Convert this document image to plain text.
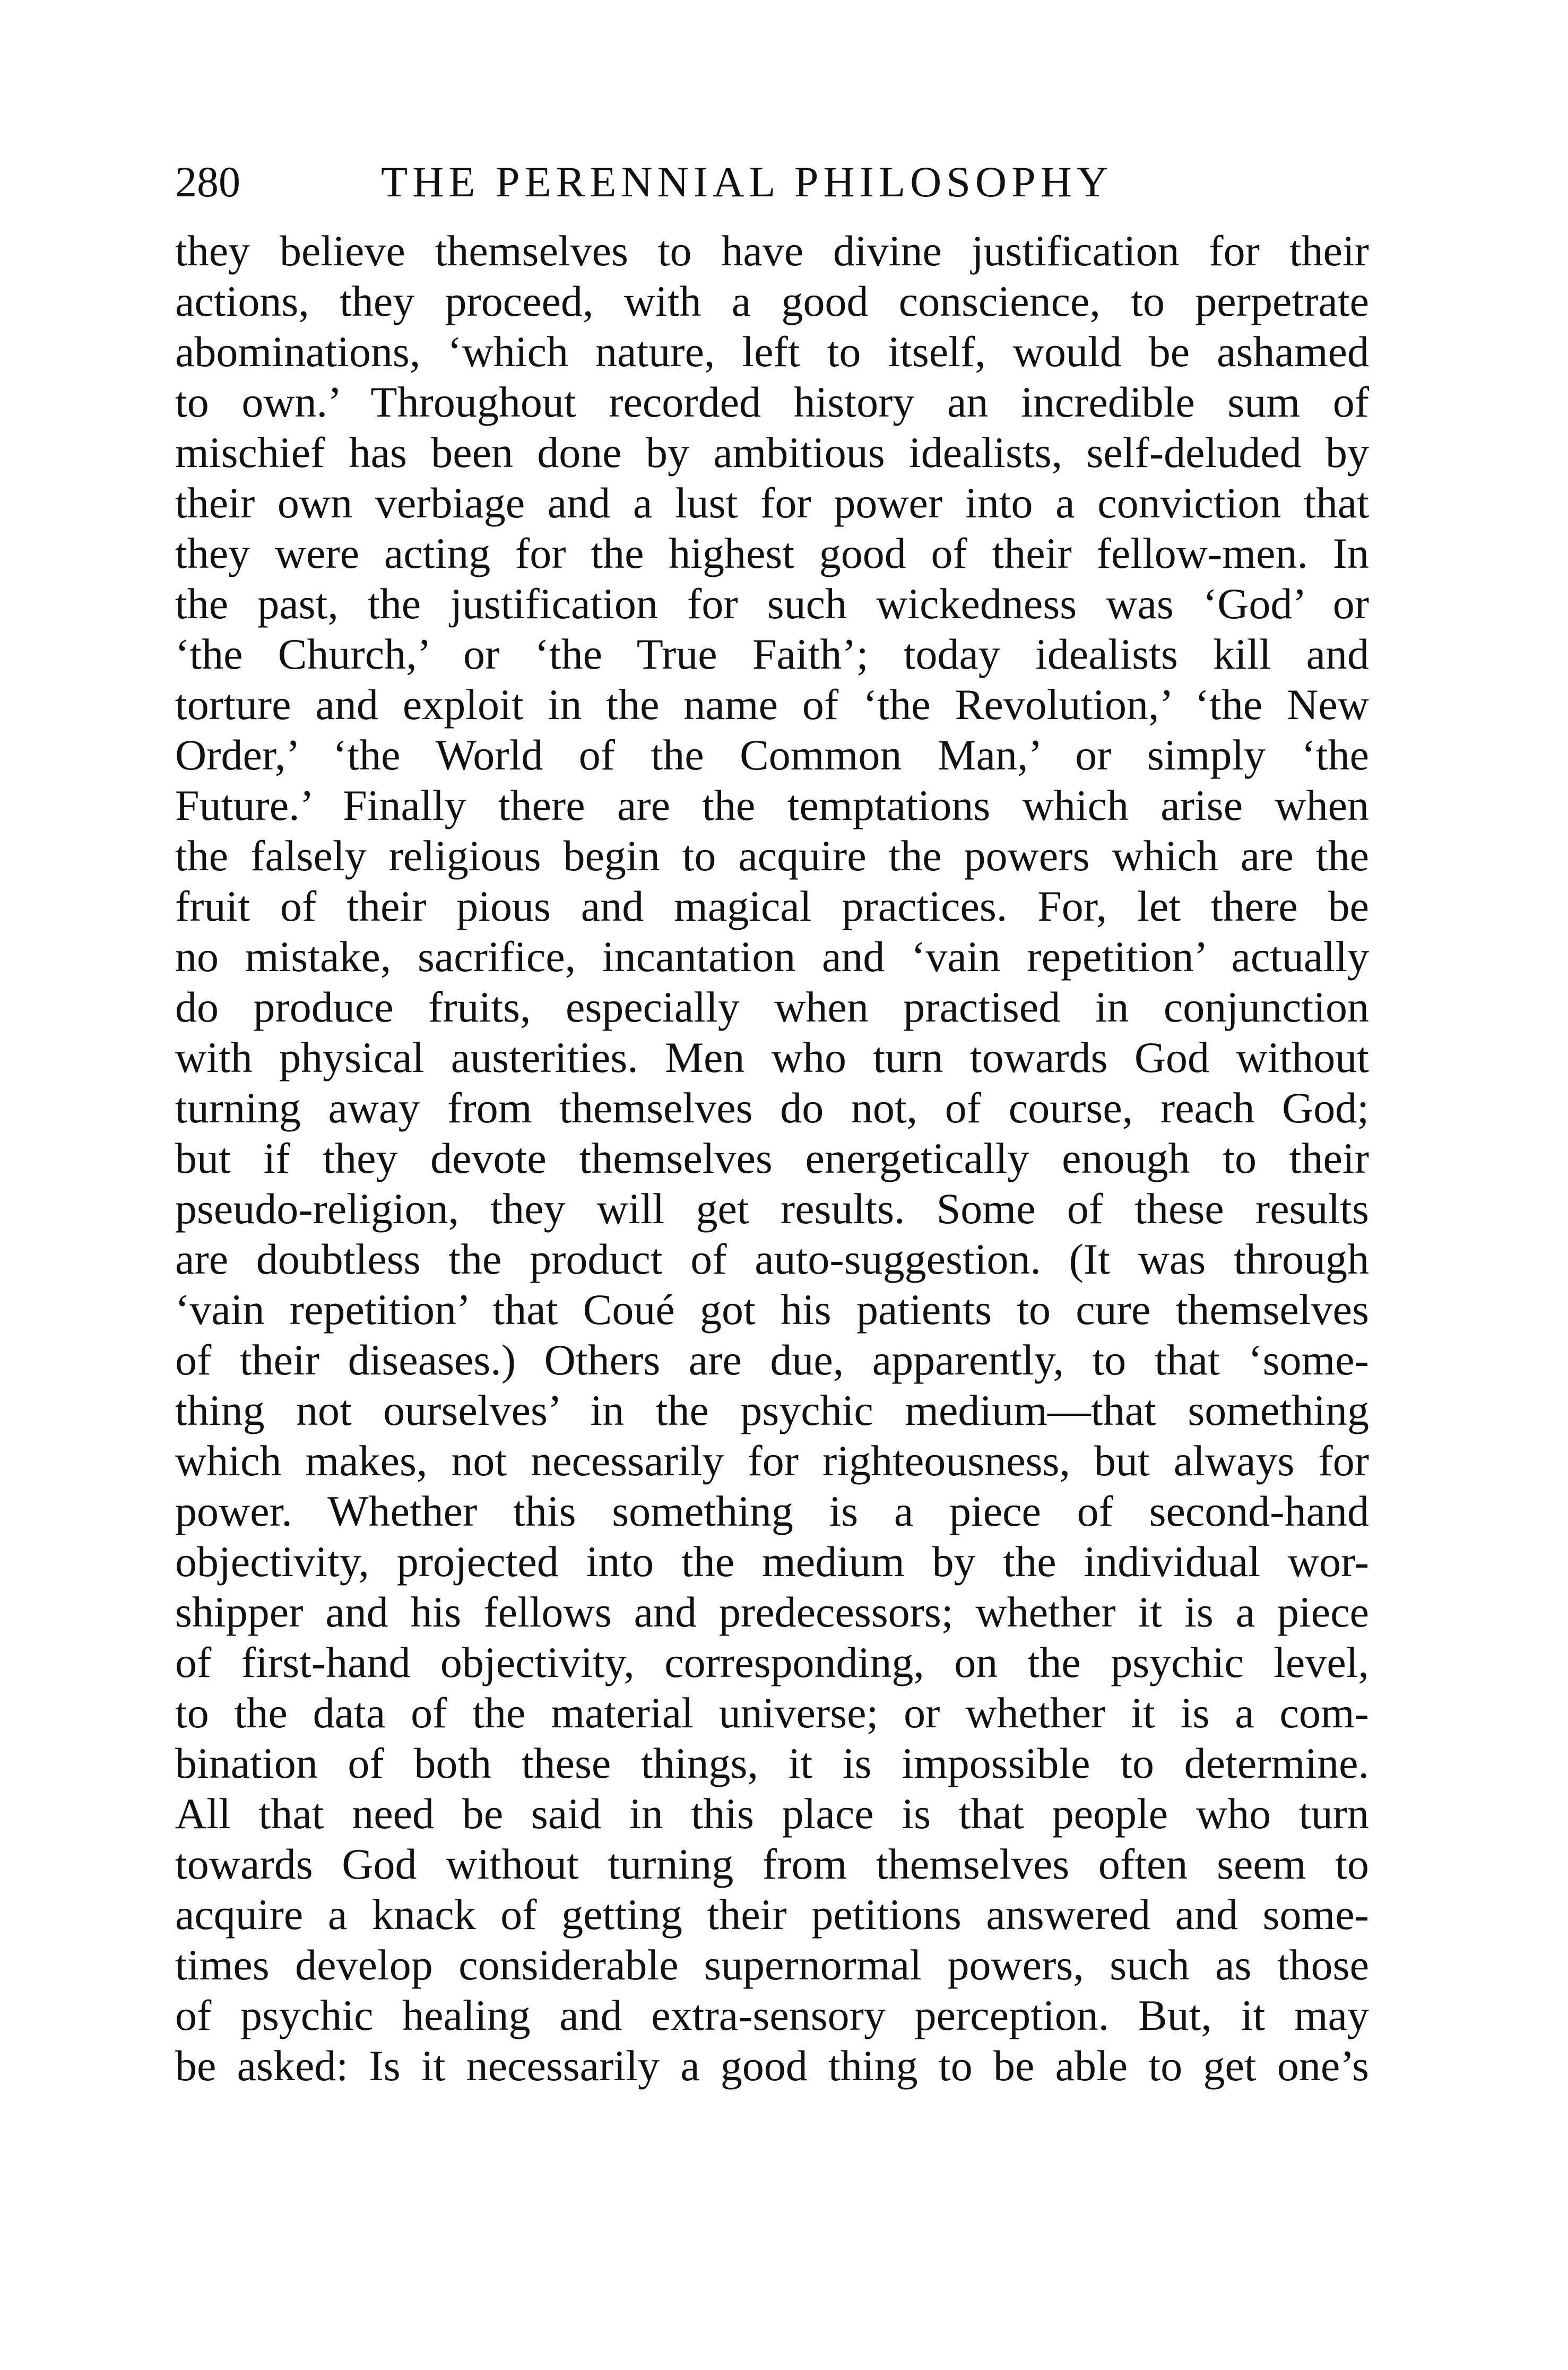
280	THE PERENNIAL PHILOSOPHY
they believe themselves to have divine justification for their
actions, they proceed, with a good conscience, to perpetrate
abominations, ‘which nature, left to itself, would be ashamed
to own.’ Throughout recorded history an incredible sum of
mischief has been done by ambitious idealists, self-deluded by
their own verbiage and a lust for power into a conviction that
they were acting for the highest good of their fellow-men. In
the past, the justification for such wickedness was ‘God’ or
‘the Church,’ or ‘the True Faith’; today idealists kill and
torture and exploit in the name of ‘the Revolution,’ ‘the New
Order,’ ‘the World of the Common Man,’ or simply ‘the
Future.’ Finally there are the temptations which arise when
the falsely religious begin to acquire the powers which are the
fruit of their pious and magical practices. For, let there be
no mistake, sacrifice, incantation and ‘vain repetition’ actually
do produce fruits, especially when practised in conjunction
with physical austerities. Men who turn towards God without
turning away from themselves do not, of course, reach God;
but if they devote themselves energetically enough to their
pseudo-religion, they will get results. Some of these results
are doubtless the product of auto-suggestion. (It was through
‘vain repetition’ that Coué got his patients to cure themselves
of their diseases.) Others are due, apparently, to that ‘some-
thing not ourselves’ in the psychic medium—that something
which makes, not necessarily for righteousness, but always for
power. Whether this something is a piece of second-hand
objectivity, projected into the medium by the individual wor-
shipper and his fellows and predecessors; whether it is a piece
of first-hand objectivity, corresponding, on the psychic level,
to the data of the material universe; or whether it is a com-
bination of both these things, it is impossible to determine.
All that need be said in this place is that people who turn
towards God without turning from themselves often seem to
acquire a knack of getting their petitions answered and some-
times develop considerable supernormal powers, such as those
of psychic healing and extra-sensory perception. But, it may
be asked: Is it necessarily a good thing to be able to get one’s
